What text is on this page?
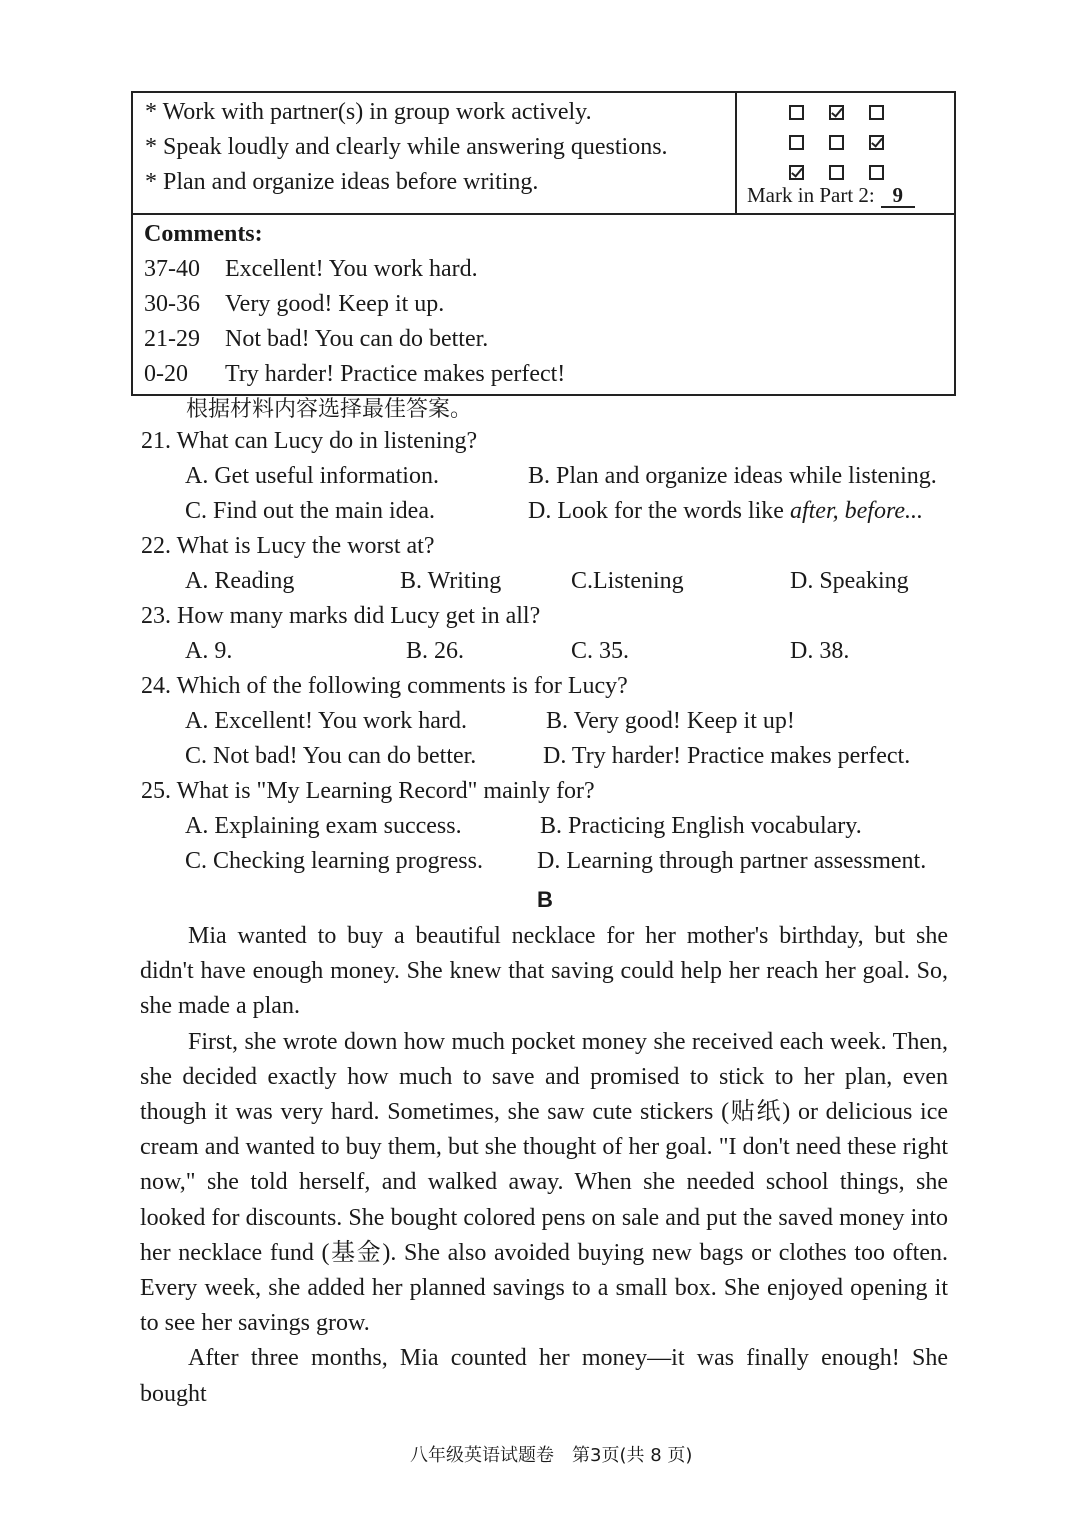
* Work with partner(s) in group work actively.
* Speak loudly and clearly while answering questions.
* Plan and organize ideas before writing.	Mark in Part 2: 9
Comments:
37-40	Excellent! You work hard.
30-36	Very good! Keep it up.
21-29	Not bad! You can do better.
0-20	Try harder! Practice makes perfect!
根据材料内容选择最佳答案。
21. What can Lucy do in listening?
A. Get useful information.	B. Plan and organize ideas while listening.
C. Find out the main idea.	D. Look for the words like after, before...
22. What is Lucy the worst at?
A. Reading	B. Writing	C.Listening	D. Speaking
23. How many marks did Lucy get in all?
A. 9.	B. 26.	C. 35.	D. 38.
24. Which of the following comments is for Lucy?
A. Excellent! You work hard.	B. Very good! Keep it up!
C. Not bad! You can do better.	D. Try harder! Practice makes perfect.
25. What is "My Learning Record" mainly for?
A. Explaining exam success.	B. Practicing English vocabulary.
C. Checking learning progress. D. Learning through partner assessment.
B

Mia wanted to buy a beautiful necklace for her mother's birthday, but she didn't have enough money. She knew that saving could help her reach her goal. So, she made a plan.

First, she wrote down how much pocket money she received each week. Then, she decided exactly how much to save and promised to stick to her plan, even though it was very hard. Sometimes, she saw cute stickers (贴纸) or delicious ice cream and wanted to buy them, but she thought of her goal. "I don't need these right now," she told herself, and walked away. When she needed school things, she looked for discounts. She bought colored pens on sale and put the saved money into her necklace fund (基金). She also avoided buying new bags or clothes too often. Every week, she added her planned savings to a small box. She enjoyed opening it to see her savings grow.

After three months, Mia counted her money—it was finally enough! She bought

八年级英语试题卷　第3页(共 8 页)
